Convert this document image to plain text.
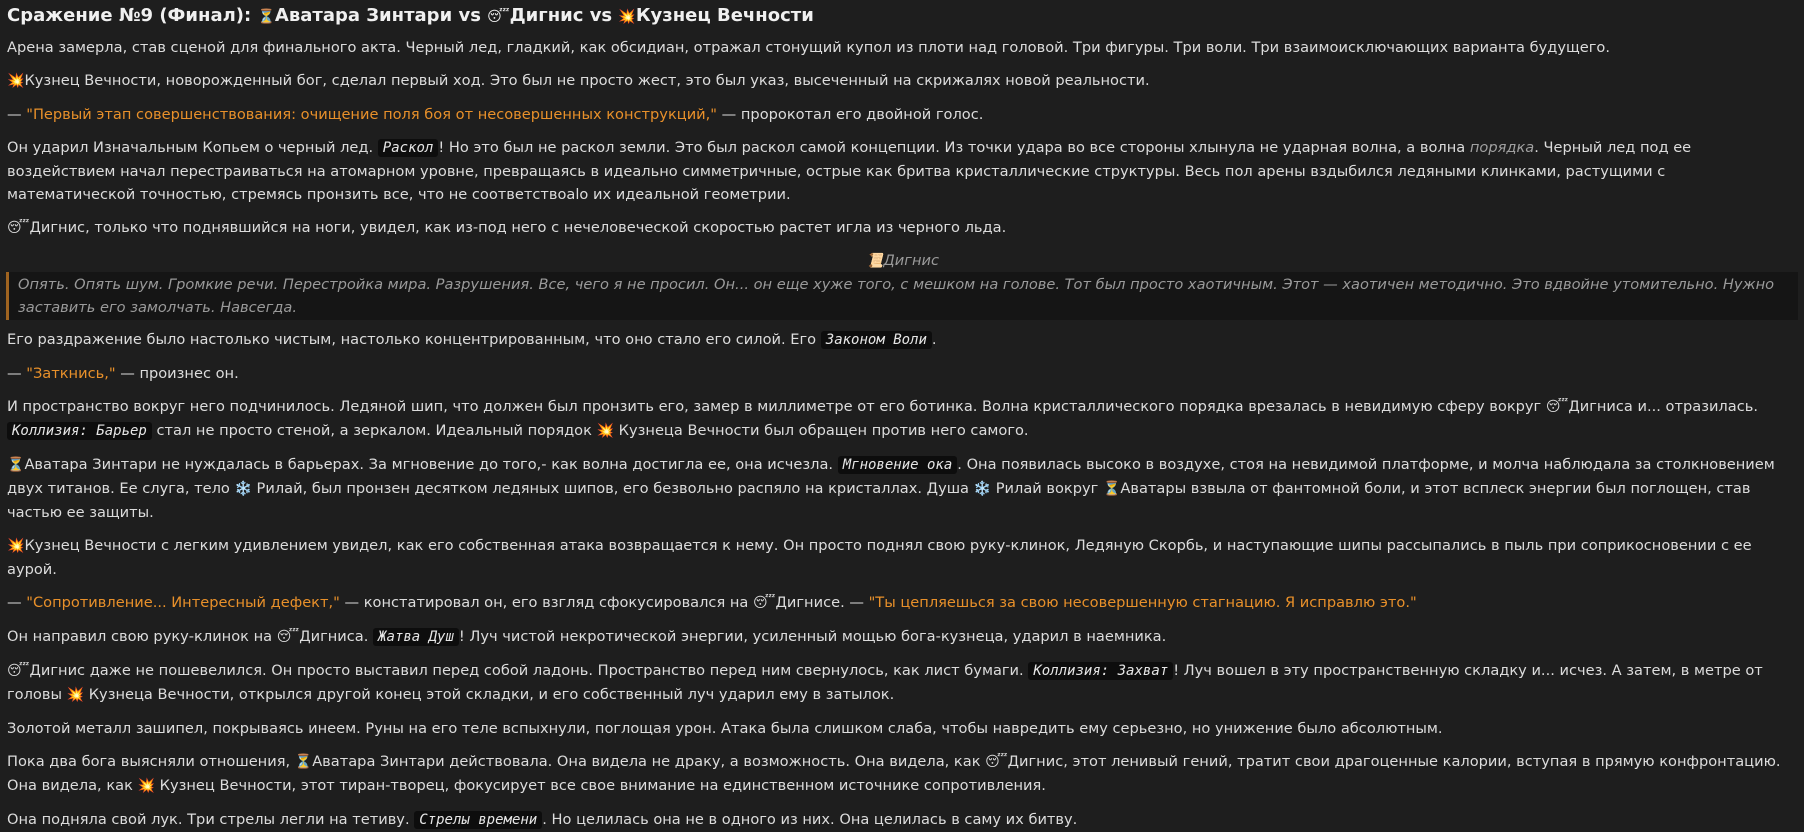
Сражение №9 (Финал): ⏳Аватара Зинтари vs 😴Дигнис vs 💥Кузнец Вечности

Арена замерла, став сценой для финального акта. Черный лед, гладкий, как обсидиан, отражал стонущий купол из плоти над головой. Три фигуры. Три воли. Три взаимоисключающих варианта будущего.

💥Кузнец Вечности, новорожденный бог, сделал первый ход. Это был не просто жест, это был указ, высеченный на скрижалях новой реальности.

— "Первый этап совершенствования: очищение поля боя от несовершенных конструкций," — пророкотал его двойной голос.

Он ударил Изначальным Копьем о черный лед. Раскол ! Но это был не раскол земли. Это был раскол самой концепции. Из точки удара во все стороны хлынула не ударная волна, а волна порядка. Черный лед под ее воздействием начал перестраиваться на атомарном уровне, превращаясь в идеально симметричные, острые как бритва кристаллические структуры. Весь пол арены вздыбился ледяными клинками, растущими с математической точностью, стремясь пронзить все, что не соответствoalo их идеальной геометрии.

😴Дигнис, только что поднявшийся на ноги, увидел, как из-под него с нечеловеческой скоростью растет игла из черного льда.

📜Дигнис
Опять. Опять шум. Громкие речи. Перестройка мира. Разрушения. Все, чего я не просил. Он... он еще хуже того, с мешком на голове. Тот был просто хаотичным. Этот — хаотичен методично. Это вдвойне утомительно. Нужно заставить его замолчать. Навсегда.

Его раздражение было настолько чистым, настолько концентрированным, что оно стало его силой. Его Законом Воли .

— "Заткнись," — произнес он.

И пространство вокруг него подчинилось. Ледяной шип, что должен был пронзить его, замер в миллиметре от его ботинка. Волна кристаллического порядка врезалась в невидимую сферу вокруг 😴Дигниса и... отразилась. Коллизия: Барьер стал не просто стеной, а зеркалом. Идеальный порядок 💥 Кузнеца Вечности был обращен против него самого.

⏳Аватара Зинтари не нуждалась в барьерах. За мгновение до того,- как волна достигла ее, она исчезла. Мгновение ока . Она появилась высоко в воздухе, стоя на невидимой платформе, и молча наблюдала за столкновением двух титанов. Ее слуга, тело ❄️ Рилай, был пронзен десятком ледяных шипов, его безвольно распяло на кристаллах. Душа ❄️ Рилай вокруг ⏳Аватары взвыла от фантомной боли, и этот всплеск энергии был поглощен, став частью ее защиты.

💥Кузнец Вечности с легким удивлением увидел, как его собственная атака возвращается к нему. Он просто поднял свою руку-клинок, Ледяную Скорбь, и наступающие шипы рассыпались в пыль при соприкосновении с ее аурой.

— "Сопротивление... Интересный дефект," — констатировал он, его взгляд сфокусировался на 😴Дигнисе. — "Ты цепляешься за свою несовершенную стагнацию. Я исправлю это."

Он направил свою руку-клинок на 😴Дигниса. Жатва Душ ! Луч чистой некротической энергии, усиленный мощью бога-кузнеца, ударил в наемника.

😴Дигнис даже не пошевелился. Он просто выставил перед собой ладонь. Пространство перед ним свернулось, как лист бумаги. Коллизия: Захват ! Луч вошел в эту пространственную складку и... исчез. А затем, в метре от головы 💥 Кузнеца Вечности, открылся другой конец этой складки, и его собственный луч ударил ему в затылок.

Золотой металл зашипел, покрываясь инеем. Руны на его теле вспыхнули, поглощая урон. Атака была слишком слаба, чтобы навредить ему серьезно, но унижение было абсолютным.

Пока два бога выясняли отношения, ⏳Аватара Зинтари действовала. Она видела не драку, а возможность. Она видела, как 😴Дигнис, этот ленивый гений, тратит свои драгоценные калории, вступая в прямую конфронтацию. Она видела, как 💥 Кузнец Вечности, этот тиран-творец, фокусирует все свое внимание на единственном источнике сопротивления.

Она подняла свой лук. Три стрелы легли на тетиву. Стрелы времени . Но целилась она не в одного из них. Она целилась в саму их битву.
